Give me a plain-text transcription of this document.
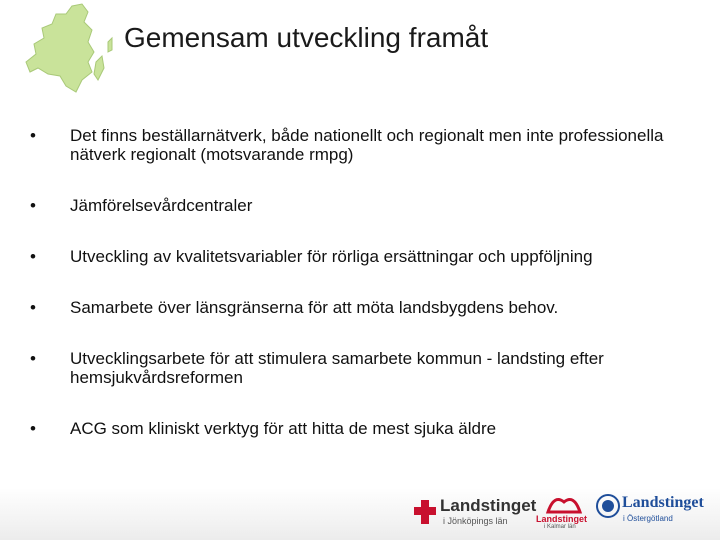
Gemensam utveckling framåt
• Det finns beställarnätverk, både nationellt och regionalt men inte professionella nätverk regionalt (motsvarande rmpg)
• Jämförelsevårdcentraler
• Utveckling av kvalitetsvariabler för rörliga ersättningar och uppföljning
• Samarbete över länsgränserna för att möta landsbygdens behov.
• Utvecklingsarbete för att stimulera samarbete kommun - landsting efter hemsjukvårdsreformen
• ACG som kliniskt verktyg för att hitta de mest sjuka äldre
Landstinget
i Jönköpings län	Landstinget
i Kalmar län
Landstinget
i Östergötland
